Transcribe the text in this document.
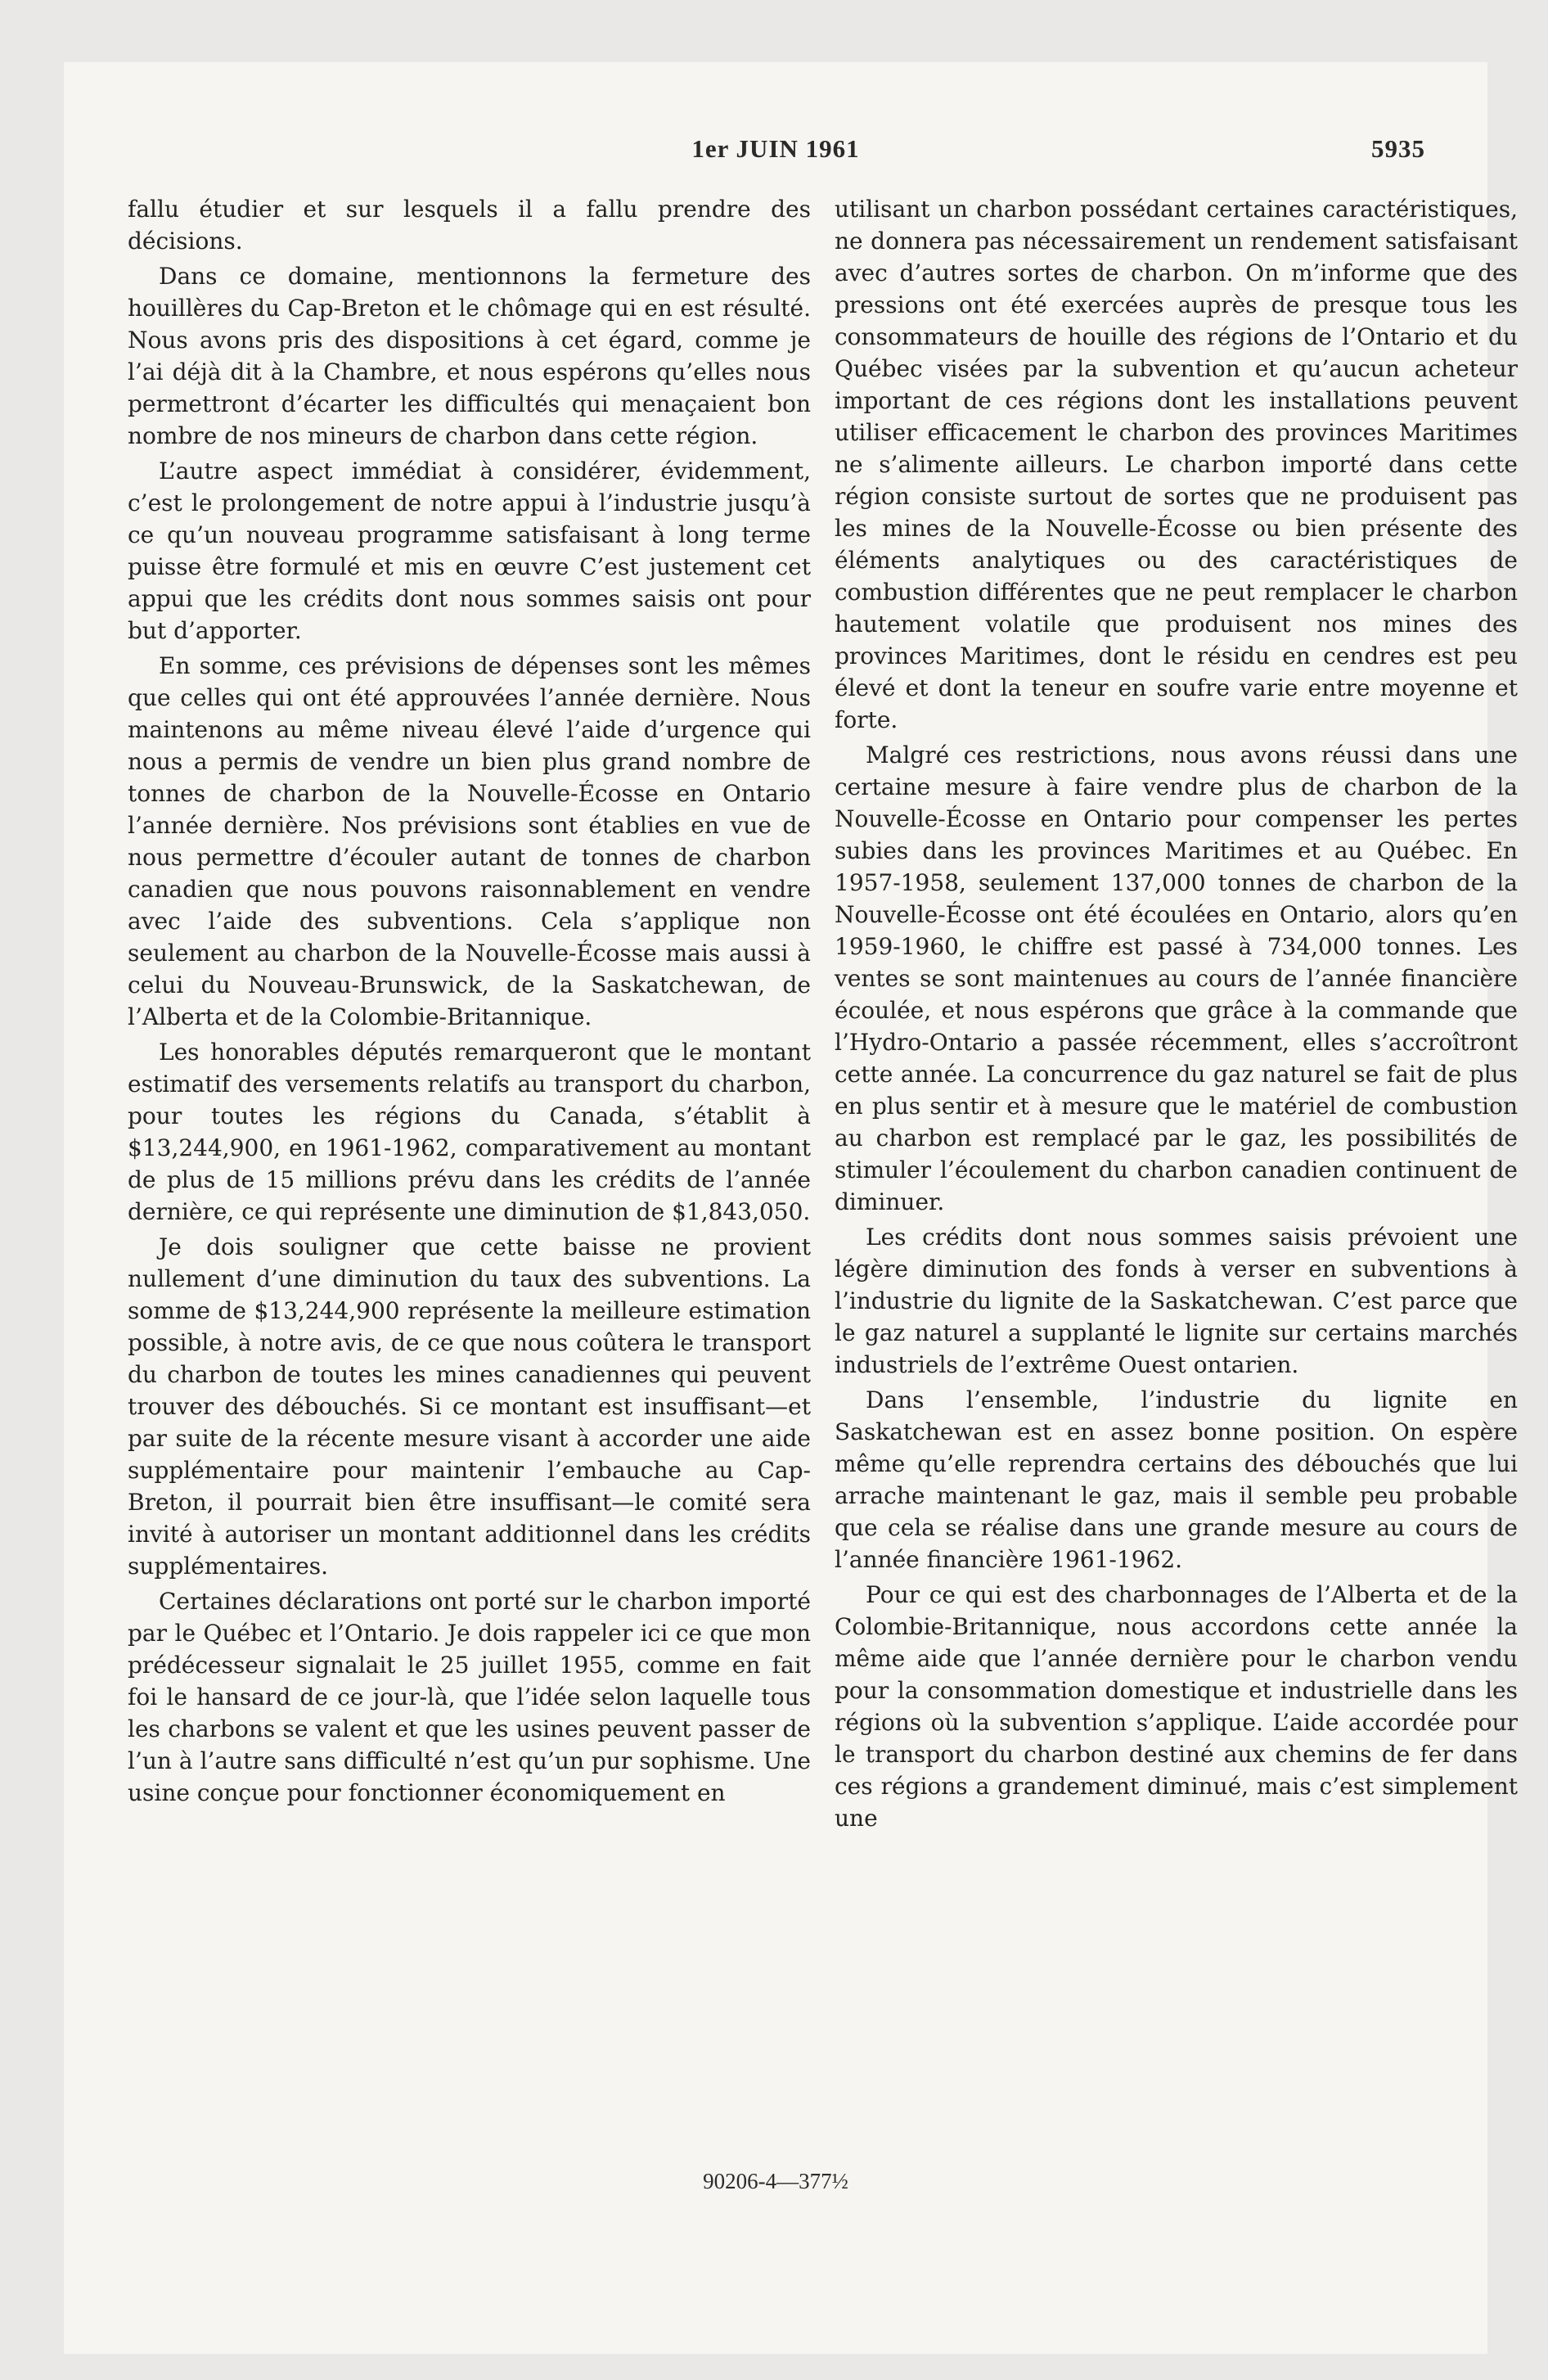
1er JUIN 1961	5935

fallu étudier et sur lesquels il a fallu prendre des décisions.

Dans ce domaine, mentionnons la fermeture des houillères du Cap-Breton et le chômage qui en est résulté. Nous avons pris des dispositions à cet égard, comme je l’ai déjà dit à la Chambre, et nous espérons qu’elles nous permettront d’écarter les difficultés qui menaçaient bon nombre de nos mineurs de charbon dans cette région.

L’autre aspect immédiat à considérer, évidemment, c’est le prolongement de notre appui à l’industrie jusqu’à ce qu’un nouveau programme satisfaisant à long terme puisse être formulé et mis en œuvre C’est justement cet appui que les crédits dont nous sommes saisis ont pour but d’apporter.

En somme, ces prévisions de dépenses sont les mêmes que celles qui ont été approuvées l’année dernière. Nous maintenons au même niveau élevé l’aide d’urgence qui nous a permis de vendre un bien plus grand nombre de tonnes de charbon de la Nouvelle-Écosse en Ontario l’année dernière. Nos prévisions sont établies en vue de nous permettre d’écouler autant de tonnes de charbon canadien que nous pouvons raisonnablement en vendre avec l’aide des subventions. Cela s’applique non seulement au charbon de la Nouvelle-Écosse mais aussi à celui du Nouveau-Brunswick, de la Saskatchewan, de l’Alberta et de la Colombie-Britannique.

Les honorables députés remarqueront que le montant estimatif des versements relatifs au transport du charbon, pour toutes les régions du Canada, s’établit à $13,244,900, en 1961-1962, comparativement au montant de plus de 15 millions prévu dans les crédits de l’année dernière, ce qui représente une diminution de $1,843,050.

Je dois souligner que cette baisse ne provient nullement d’une diminution du taux des subventions. La somme de $13,244,900 représente la meilleure estimation possible, à notre avis, de ce que nous coûtera le transport du charbon de toutes les mines canadiennes qui peuvent trouver des débouchés. Si ce montant est insuffisant—et par suite de la récente mesure visant à accorder une aide supplémentaire pour maintenir l’embauche au Cap-Breton, il pourrait bien être insuffisant—le comité sera invité à autoriser un montant additionnel dans les crédits supplémentaires.

Certaines déclarations ont porté sur le charbon importé par le Québec et l’Ontario. Je dois rappeler ici ce que mon prédécesseur signalait le 25 juillet 1955, comme en fait foi le hansard de ce jour-là, que l’idée selon laquelle tous les charbons se valent et que les usines peuvent passer de l’un à l’autre sans difficulté n’est qu’un pur sophisme. Une usine conçue pour fonctionner économiquement en

utilisant un charbon possédant certaines caractéristiques, ne donnera pas nécessairement un rendement satisfaisant avec d’autres sortes de charbon. On m’informe que des pressions ont été exercées auprès de presque tous les consommateurs de houille des régions de l’Ontario et du Québec visées par la subvention et qu’aucun acheteur important de ces régions dont les installations peuvent utiliser efficacement le charbon des provinces Maritimes ne s’alimente ailleurs. Le charbon importé dans cette région consiste surtout de sortes que ne produisent pas les mines de la Nouvelle-Écosse ou bien présente des éléments analytiques ou des caractéristiques de combustion différentes que ne peut remplacer le charbon hautement volatile que produisent nos mines des provinces Maritimes, dont le résidu en cendres est peu élevé et dont la teneur en soufre varie entre moyenne et forte.

Malgré ces restrictions, nous avons réussi dans une certaine mesure à faire vendre plus de charbon de la Nouvelle-Écosse en Ontario pour compenser les pertes subies dans les provinces Maritimes et au Québec. En 1957-1958, seulement 137,000 tonnes de charbon de la Nouvelle-Écosse ont été écoulées en Ontario, alors qu’en 1959-1960, le chiffre est passé à 734,000 tonnes. Les ventes se sont maintenues au cours de l’année financière écoulée, et nous espérons que grâce à la commande que l’Hydro-Ontario a passée récemment, elles s’accroîtront cette année. La concurrence du gaz naturel se fait de plus en plus sentir et à mesure que le matériel de combustion au charbon est remplacé par le gaz, les possibilités de stimuler l’écoulement du charbon canadien continuent de diminuer.

Les crédits dont nous sommes saisis prévoient une légère diminution des fonds à verser en subventions à l’industrie du lignite de la Saskatchewan. C’est parce que le gaz naturel a supplanté le lignite sur certains marchés industriels de l’extrême Ouest ontarien.

Dans l’ensemble, l’industrie du lignite en Saskatchewan est en assez bonne position. On espère même qu’elle reprendra certains des débouchés que lui arrache maintenant le gaz, mais il semble peu probable que cela se réalise dans une grande mesure au cours de l’année financière 1961-1962.

Pour ce qui est des charbonnages de l’Alberta et de la Colombie-Britannique, nous accordons cette année la même aide que l’année dernière pour le charbon vendu pour la consommation domestique et industrielle dans les régions où la subvention s’applique. L’aide accordée pour le transport du charbon destiné aux chemins de fer dans ces régions a grandement diminué, mais c’est simplement une

90206-4—377½
